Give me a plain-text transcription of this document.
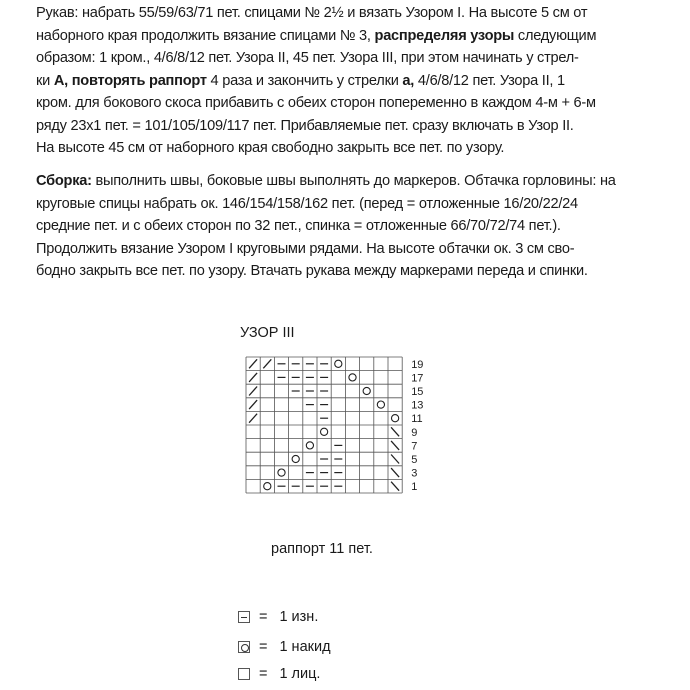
Рукав: набрать 55/59/63/71 пет. спицами № 2½ и вязать Узором I. На высоте 5 см от
наборного края продолжить вязание спицами № 3, распределяя узоры следующим
образом: 1 кром., 4/6/8/12 пет. Узора II, 45 пет. Узора III, при этом начинать у стрел-
ки А, повторять раппорт 4 раза и закончить у стрелки а, 4/6/8/12 пет. Узора II, 1
кром. для бокового скоса прибавить с обеих сторон попеременно в каждом 4-м + 6-м
ряду 23х1 пет. = 101/105/109/117 пет. Прибавляемые пет. сразу включать в Узор II.
На высоте 45 см от наборного края свободно закрыть все пет. по узору.
Сборка: выполнить швы, боковые швы выполнять до маркеров. Обтачка горловины: на
круговые спицы набрать ок. 146/154/158/162 пет. (перед = отложенные 16/20/22/24
средние пет. и с обеих сторон по 32 пет., спинка = отложенные 66/70/72/74 пет.).
Продолжить вязание Узором I круговыми рядами. На высоте обтачки ок. 3 см сво-
бодно закрыть все пет. по узору. Втачать рукава между маркерами переда и спинки.
УЗОР III
19
17
15
13
11
9
7
5
3
1
раппорт 11 пет.
= 1 изн.
= 1 накид
= 1 лиц.
